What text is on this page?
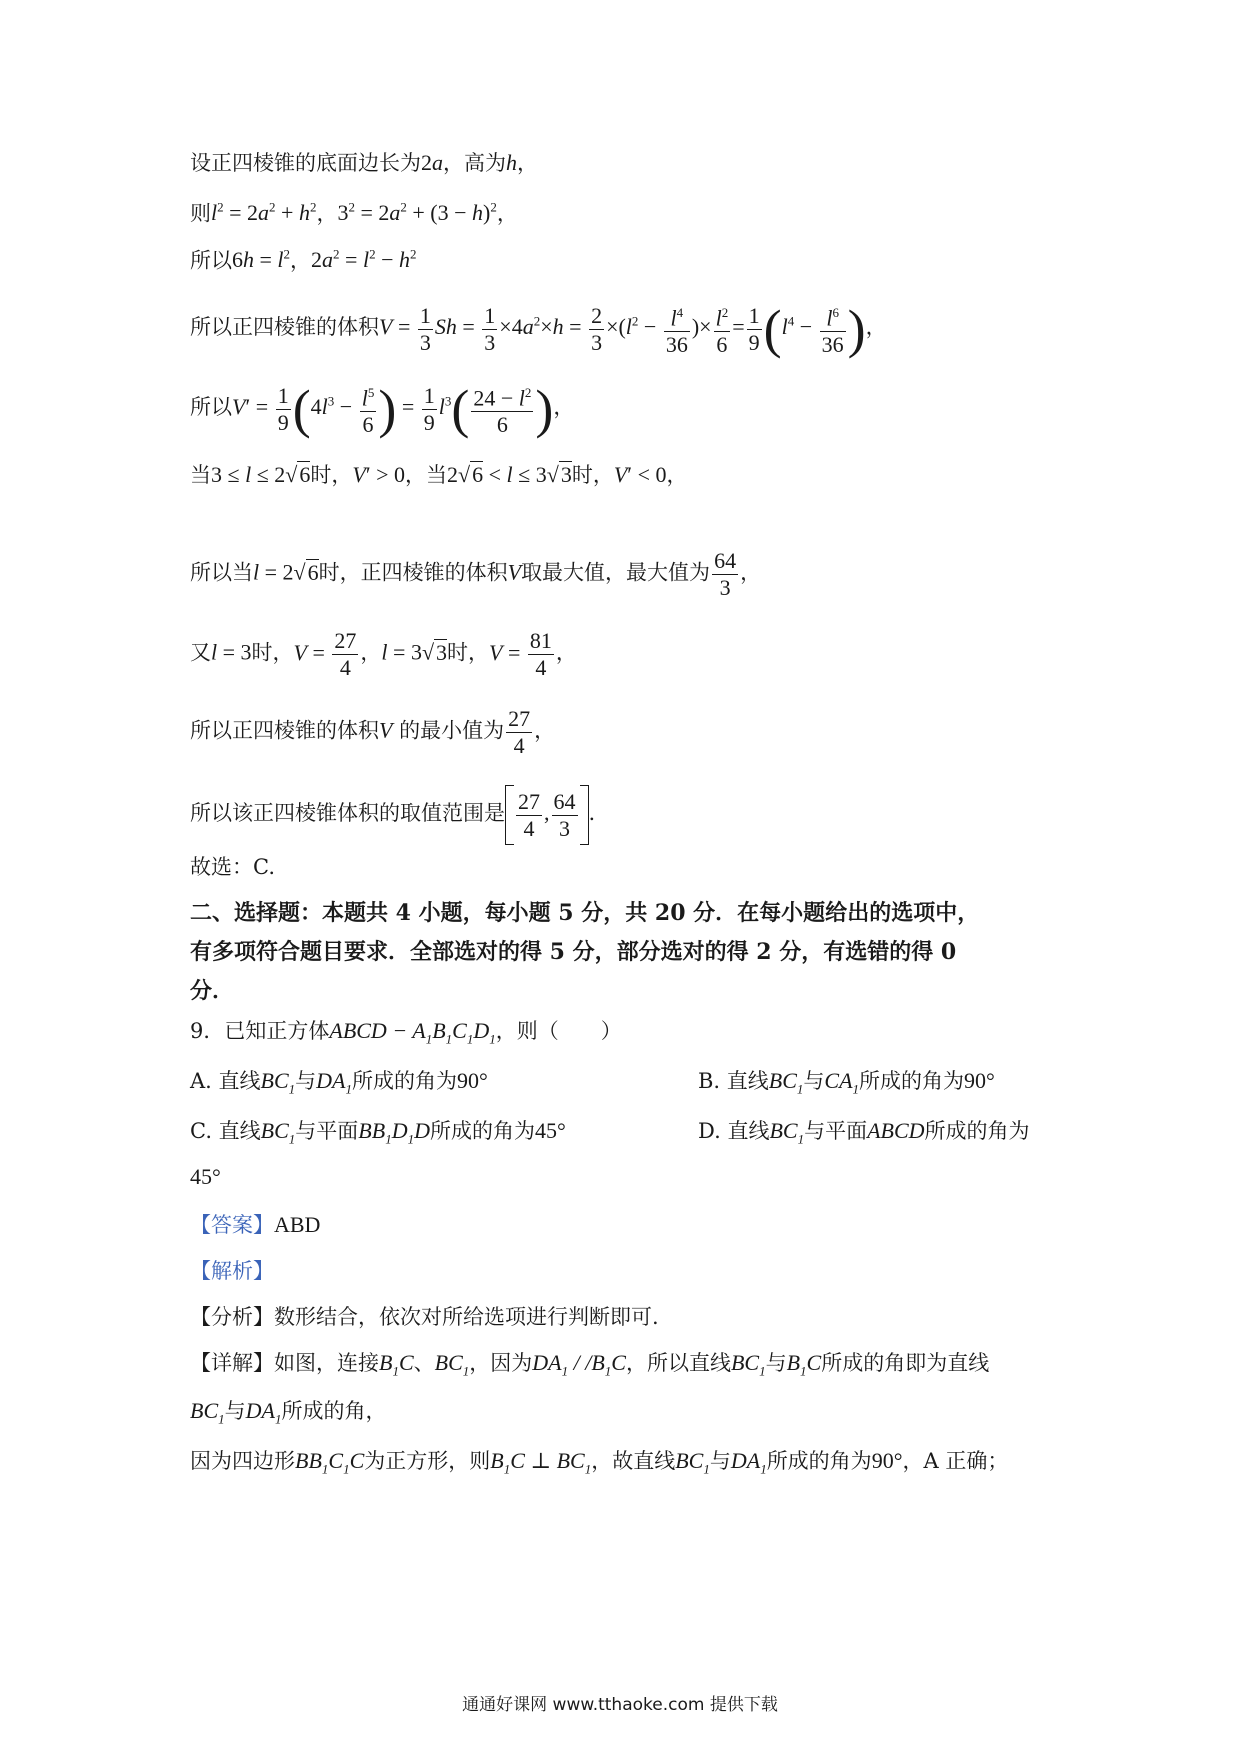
设正四棱锥的底面边长为2a，高为h，
则$l^2 = 2a^2 + h^2$，$3^2 = 2a^2 + (3 - h)^2$，
所以$6h = l^2$，$2a^2 = l^2 - h^2$
所以正四棱锥的体积$V = \frac{1}{3}$ $Sh = \frac{1}{3} \times 4a^2\times h = \frac{2}{3} \times(l^2 - \frac{l^4}{36}$ )× $\frac{l^2}{6} = \frac{1}{9} (l^4 - \frac{l^6}{36}$ )，
所以$V' = \frac{1}{9} (4l^3 - \frac{l^5}{6}$ ) = $\frac{1}{9} l^3( \frac{24 - l^2}{6}$ )，
当3 ≤ l ≤ 2√6时，V′ > 0，当2√6 < l ≤ 3√3时，V′ < 0，
所以当l = 2√6时，正四棱锥的体积V取最大值，最大值为 $\frac{64}{3}$ ，
又l = 3时，$V = \frac{27}{4}$ ，l = 3√3时，$V = \frac{81}{4}$ ，
所以正四棱锥的体积V 的最小值为 $\frac{27}{4}$ ，
所以该正四棱锥体积的取值范围是 $\frac{27}{4}$ , $\frac{64}{3}$ .
故选：C.
二、选择题：本题共 4 小题，每小题 5 分，共 20 分．在每小题给出的选项中，
有多项符合题目要求．全部选对的得 5 分，部分选对的得 2 分，有选错的得 0
分．
9．已知正方体ABCD − $A_1B_1C_1D_1$，则（　　）
A. 直线$BC_1$与$DA_1$所成的角为90°	B. 直线$BC_1$与$CA_1$所成的角为90°
C. 直线$BC_1$与平面$BB_1D_1D$所成的角为45°	D. 直线$BC_1$与平面ABCD所成的角为
45°
【答案】ABD
【解析】
【分析】数形结合，依次对所给选项进行判断即可.
【详解】如图，连接$B_1C$、$BC_1$，因为$DA_1 / /B_1C$，所以直线$BC_1$与$B_1C$所成的角即为直线
$BC_1$与$DA_1$所成的角，
因为四边形$BB_1C_1C$为正方形，则$B_1C$ ⊥ $BC_1$，故直线$BC_1$与$DA_1$所成的角为90°，A 正确；
通通好课网 www.tthaoke.com 提供下载
